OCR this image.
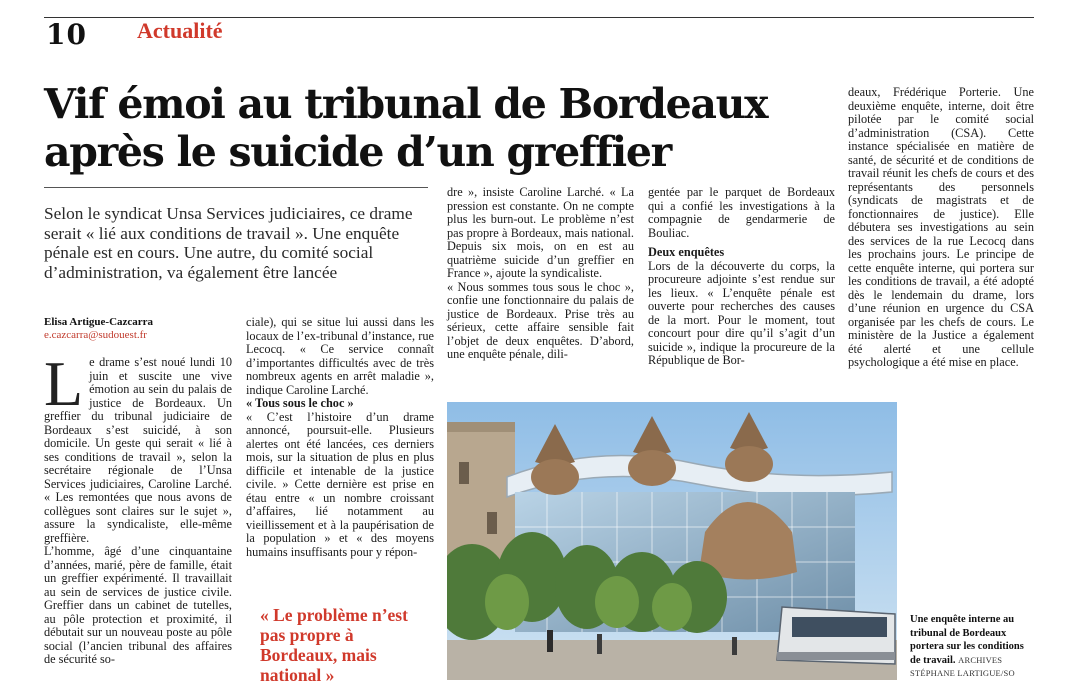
10 Actualité
Vif émoi au tribunal de Bordeaux après le suicide d’un greffier
Selon le syndicat Unsa Services judiciaires, ce drame serait « lié aux conditions de travail ». Une enquête pénale est en cours. Une autre, du comité social d’administration, va également être lancée
Elisa Artigue-Cazcarra
e.cazcarra@sudouest.fr
L e drame s’est noué lundi 10 juin et suscite une vive émotion au sein du palais de justice de Bordeaux. Un greffier du tribunal judiciaire de Bordeaux s’est suicidé, à son domicile. Un geste qui serait « lié à ses conditions de travail », selon la secrétaire régionale de l’Unsa Services judiciaires, Caroline Larché. « Les remontées que nous avons de collègues sont claires sur le sujet », assure la syndicaliste, elle-même greffière.

L’homme, âgé d’une cinquantaine d’années, marié, père de famille, était un greffier expérimenté. Il travaillait au sein de services de justice civile. Greffier dans un cabinet de tutelles, au pôle protection et proximité, il débutait sur un nouveau poste au pôle social (l’ancien tribunal des affaires de sécurité so-

ciale), qui se situe lui aussi dans les locaux de l’ex-tribunal d’instance, rue Lecocq. « Ce service connaît d’importantes difficultés avec de très nombreux agents en arrêt maladie », indique Caroline Larché.

« Tous sous le choc »

« C’est l’histoire d’un drame annoncé, poursuit-elle. Plusieurs alertes ont été lancées, ces derniers mois, sur la situation de plus en plus difficile et intenable de la justice civile. » Cette dernière est prise en étau entre « un nombre croissant d’affaires, lié notamment au vieillissement et à la paupérisation de la population » et « des moyens humains insuffisants pour y répon-

« Le problème n’est pas propre à Bordeaux, mais national »

dre », insiste Caroline Larché. « La pression est constante. On ne compte plus les burn-out. Le problème n’est pas propre à Bordeaux, mais national. Depuis six mois, on en est au quatrième suicide d’un greffier en France », ajoute la syndicaliste.

« Nous sommes tous sous le choc », confie une fonctionnaire du palais de justice de Bordeaux. Prise très au sérieux, cette affaire sensible fait l’objet de deux enquêtes. D’abord, une enquête pénale, dili-

gentée par le parquet de Bordeaux qui a confié les investigations à la compagnie de gendarmerie de Bouliac.

Deux enquêtes

Lors de la découverte du corps, la procureure adjointe s’est rendue sur les lieux. « L’enquête pénale est ouverte pour recherches des causes de la mort. Pour le moment, tout concourt pour dire qu’il s’agit d’un suicide », indique la procureure de la République de Bor-

deaux, Frédérique Porterie. Une deuxième enquête, interne, doit être pilotée par le comité social d’administration (CSA). Cette instance spécialisée en matière de santé, de sécurité et de conditions de travail réunit les chefs de cours et des représentants des personnels (syndicats de magistrats et de fonctionnaires de justice). Elle débutera ses investigations au sein des services de la rue Lecocq dans les prochains jours. Le principe de cette enquête interne, qui portera sur les conditions de travail, a été adopté dès le lendemain du drame, lors d’une réunion en urgence du CSA organisée par les chefs de cours. Le ministère de la Justice a également été alerté et une cellule psychologique a été mise en place.

Une enquête interne au tribunal de Bordeaux portera sur les conditions de travail. ARCHIVES
STÉPHANE LARTIGUE/SO
